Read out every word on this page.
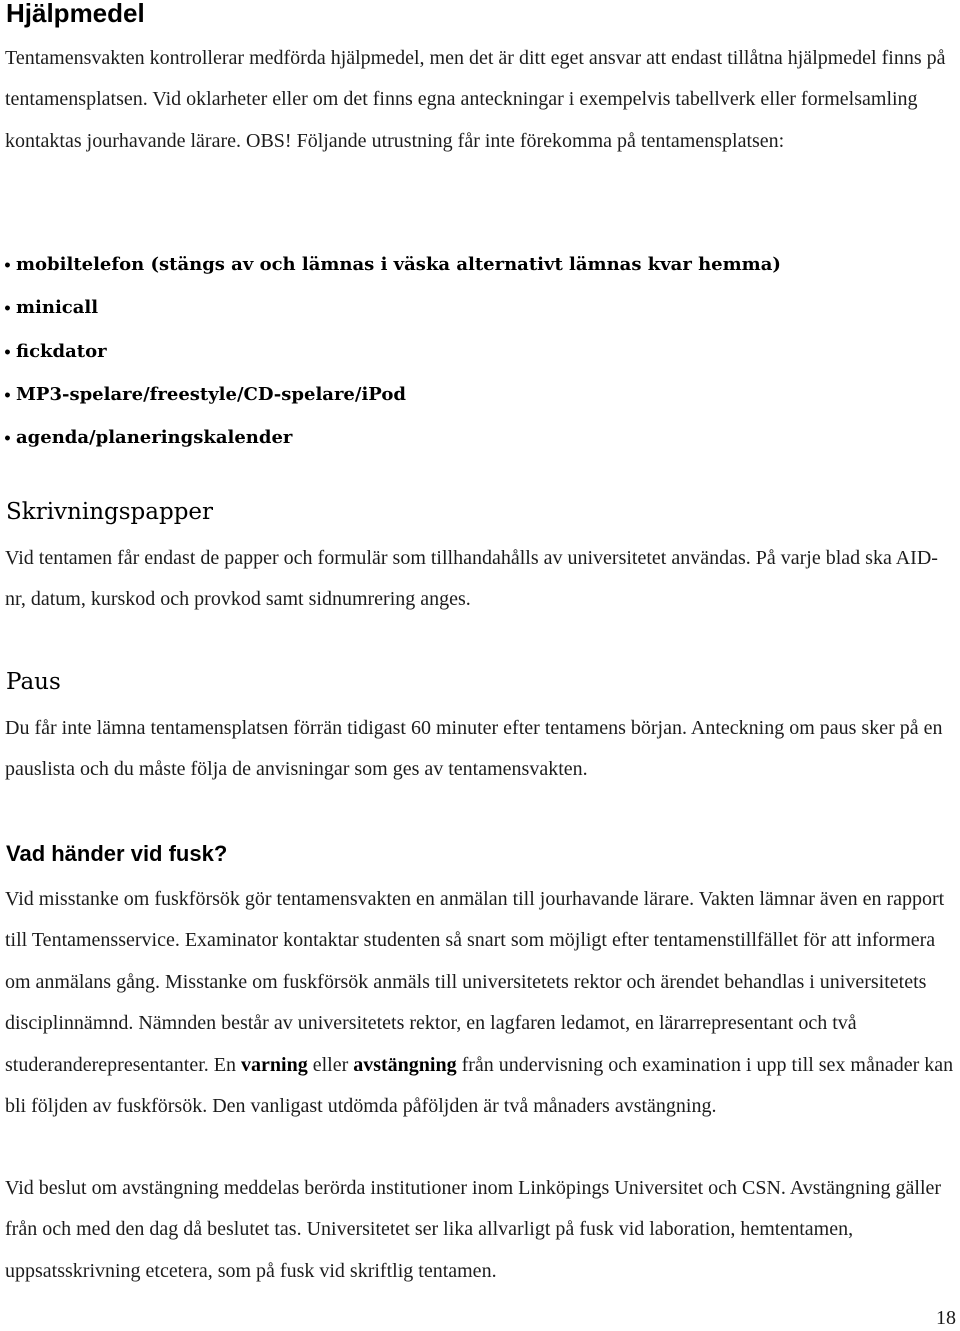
Hjälpmedel

Tentamensvakten kontrollerar medförda hjälpmedel, men det är ditt eget ansvar att endast tillåtna hjälpmedel finns på tentamensplatsen. Vid oklarheter eller om det finns egna anteckningar i exempelvis tabellverk eller formelsamling kontaktas jourhavande lärare. OBS! Följande utrustning får inte förekomma på tentamensplatsen:

• mobiltelefon (stängs av och lämnas i väska alternativt lämnas kvar hemma)
• minicall
• fickdator
• MP3-spelare/freestyle/CD-spelare/iPod
• agenda/planeringskalender
Skrivningspapper

Vid tentamen får endast de papper och formulär som tillhandahålls av universitetet användas. På varje blad ska AID-nr, datum, kurskod och provkod samt sidnumrering anges.

Paus

Du får inte lämna tentamensplatsen förrän tidigast 60 minuter efter tentamens början. Anteckning om paus sker på en pauslista och du måste följa de anvisningar som ges av tentamensvakten.

Vad händer vid fusk?

Vid misstanke om fuskförsök gör tentamensvakten en anmälan till jourhavande lärare. Vakten lämnar även en rapport till Tentamensservice. Examinator kontaktar studenten så snart som möjligt efter tentamenstillfället för att informera om anmälans gång. Misstanke om fuskförsök anmäls till universitetets rektor och ärendet behandlas i universitetets disciplinnämnd. Nämnden består av universitetets rektor, en lagfaren ledamot, en lärarrepresentant och två studeranderepresentanter. En varning eller avstängning från undervisning och examination i upp till sex månader kan bli följden av fuskförsök. Den vanligast utdömda påföljden är två månaders avstängning.

Vid beslut om avstängning meddelas berörda institutioner inom Linköpings Universitet och CSN. Avstängning gäller från och med den dag då beslutet tas. Universitetet ser lika allvarligt på fusk vid laboration, hemtentamen, uppsatsskrivning etcetera, som på fusk vid skriftlig tentamen.

18
